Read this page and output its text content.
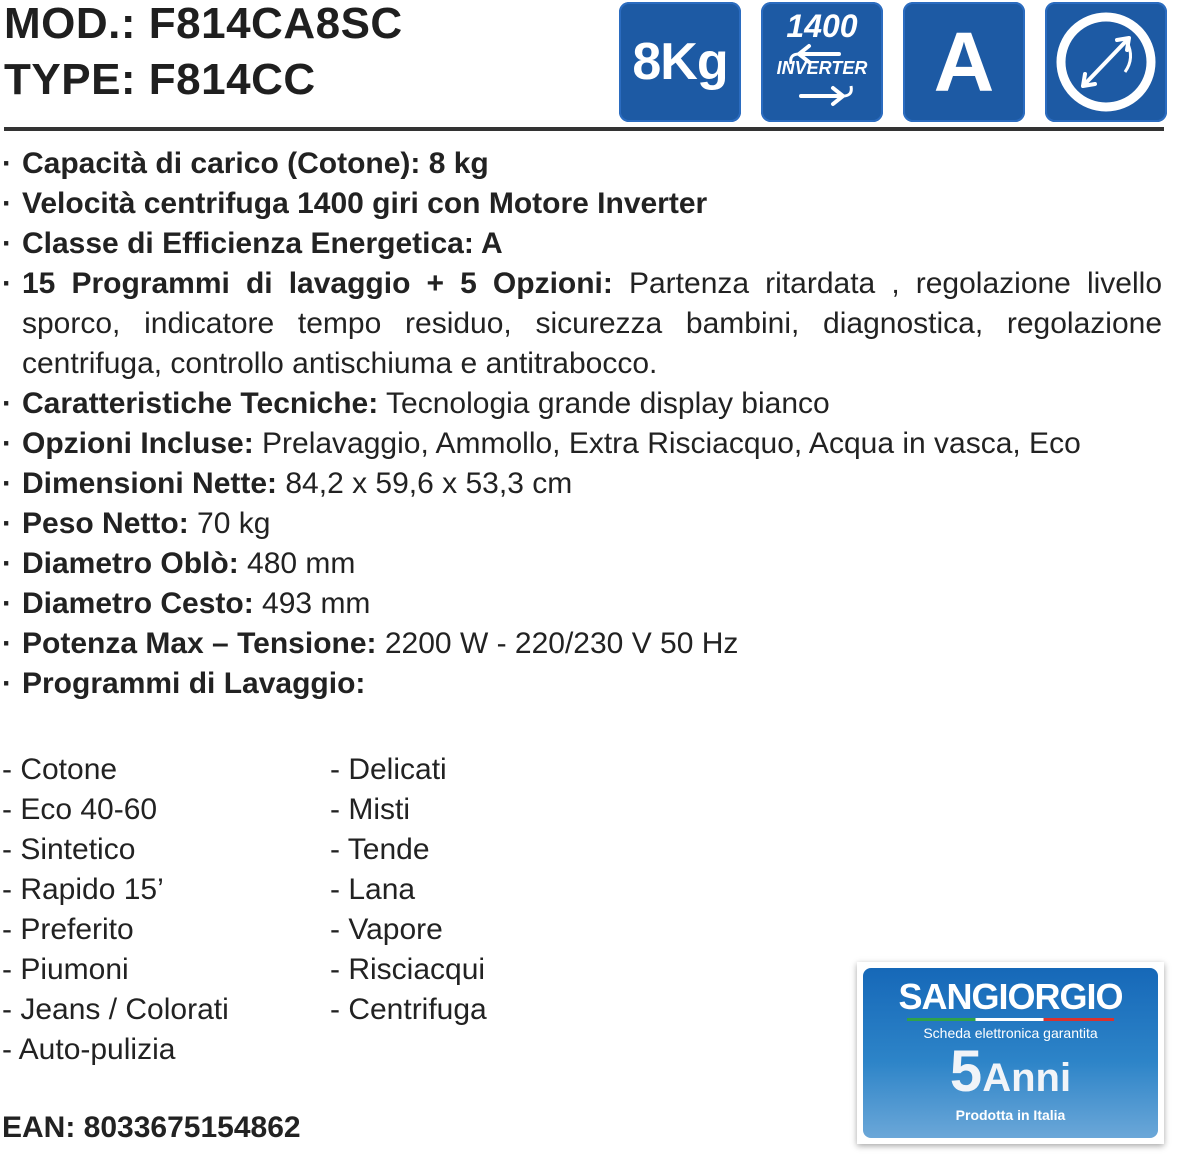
MOD.: F814CA8SC
TYPE: F814CC	8Kg
1400
INVERTER A
· Capacità di carico (Cotone): 8 kg
· Velocità centrifuga 1400 giri con Motore Inverter
· Classe di Efficienza Energetica: A
· 15 Programmi di lavaggio + 5 Opzioni: Partenza ritardata , regolazione livello sporco, indicatore tempo residuo, sicurezza bambini, diagnostica, regolazione centrifuga, controllo antischiuma e antitrabocco.
· Caratteristiche Tecniche: Tecnologia grande display bianco
· Opzioni Incluse: Prelavaggio, Ammollo, Extra Risciacquo, Acqua in vasca, Eco
· Dimensioni Nette: 84,2 x 59,6 x 53,3 cm
· Peso Netto: 70 kg
· Diametro Oblò: 480 mm
· Diametro Cesto: 493 mm
· Potenza Max – Tensione: 2200 W - 220/230 V 50 Hz
· Programmi di Lavaggio:
- Cotone
- Eco 40-60
- Sintetico
- Rapido 15’
- Preferito
- Piumoni
- Jeans / Colorati
- Auto-pulizia
- Delicati
- Misti
- Tende
- Lana
- Vapore
- Risciacqui
- Centrifuga
EAN: 8033675154862
SANGIORGIO
Scheda elettronica garantita
5Anni
Prodotta in Italia
